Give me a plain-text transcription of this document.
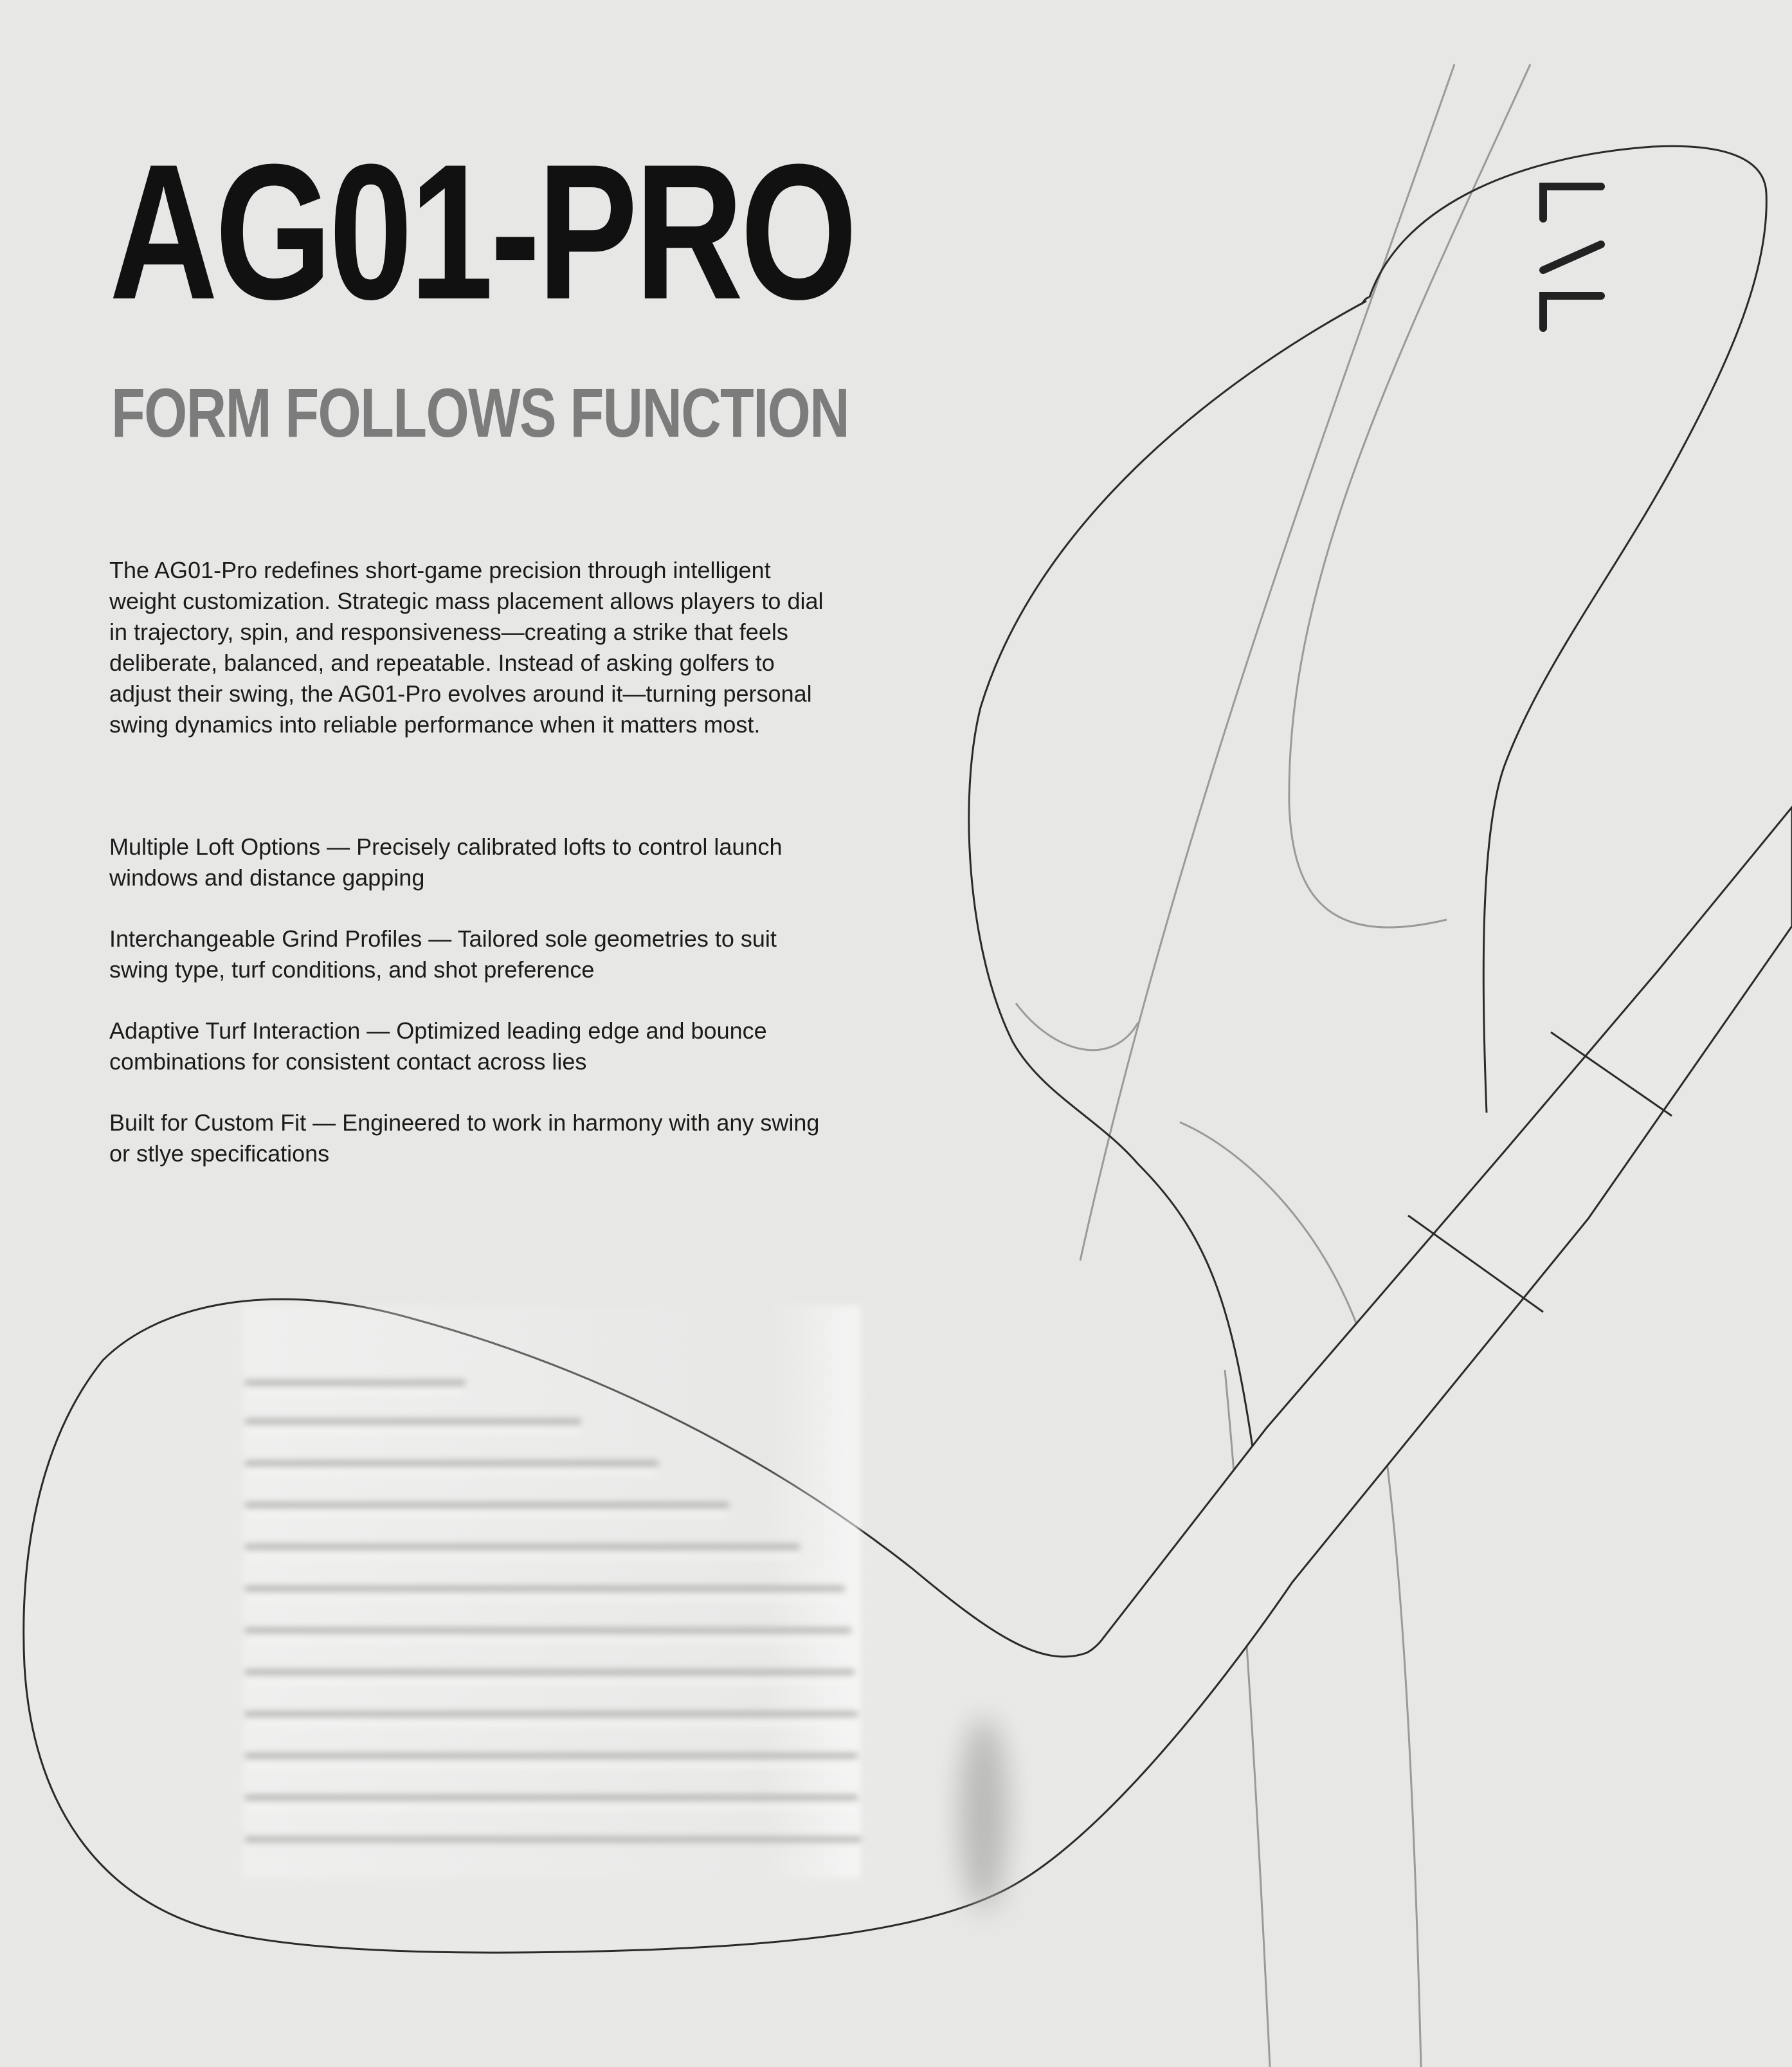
AG01-PRO
FORM FOLLOWS FUNCTION

The AG01-Pro redefines short-game precision through intelligent weight customization. Strategic mass placement allows players to dial in trajectory, spin, and responsiveness—creating a strike that feels deliberate, balanced, and repeatable. Instead of asking golfers to adjust their swing, the AG01-Pro evolves around it—turning personal swing dynamics into reliable performance when it matters most.

Multiple Loft Options — Precisely calibrated lofts to control launch windows and distance gapping
Interchangeable Grind Profiles — Tailored sole geometries to suit swing type, turf conditions, and shot preference
Adaptive Turf Interaction — Optimized leading edge and bounce combinations for consistent contact across lies
Built for Custom Fit — Engineered to work in harmony with any swing or stlye specifications
